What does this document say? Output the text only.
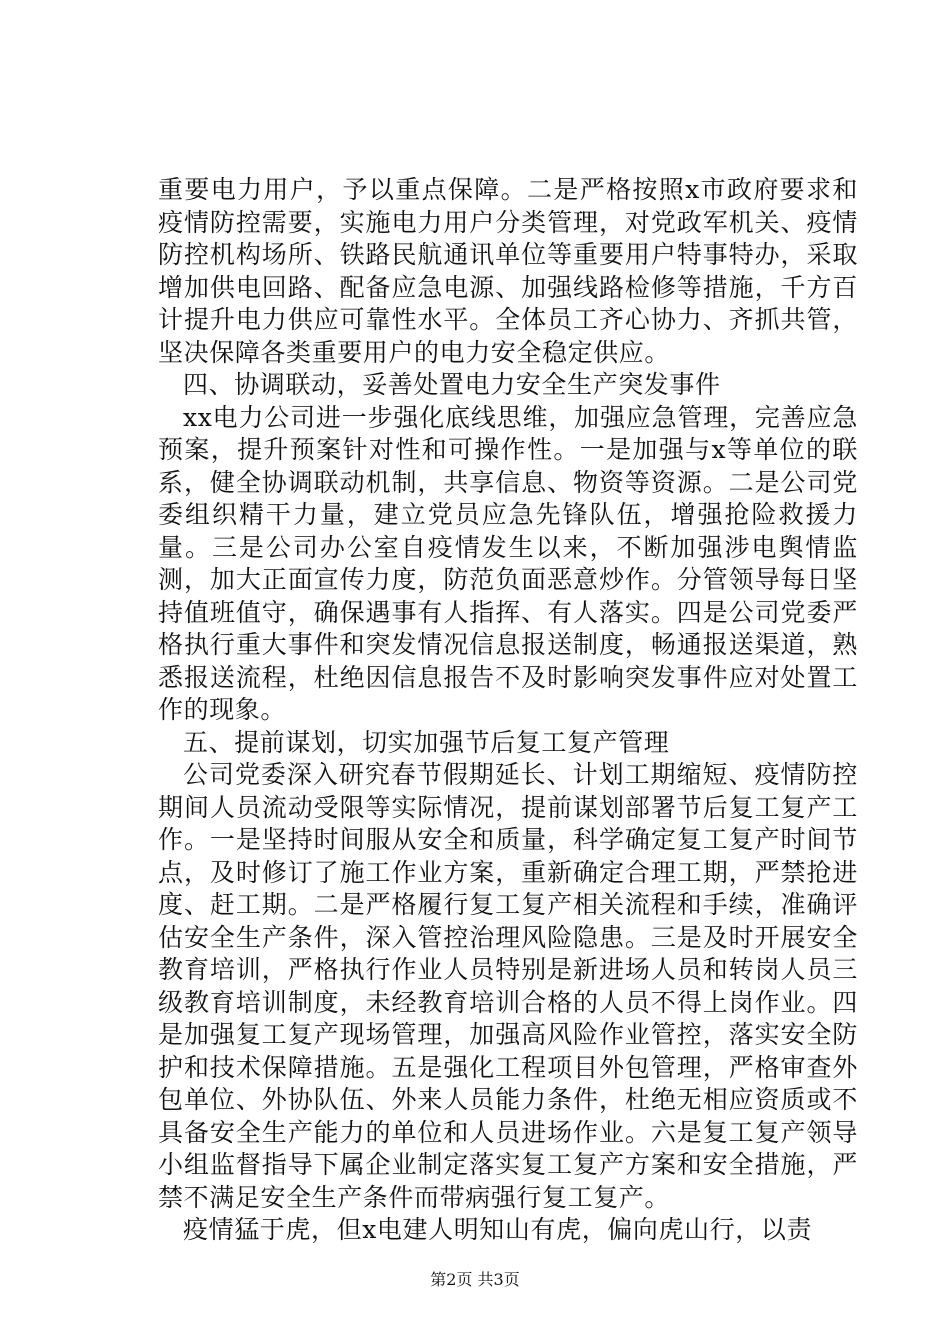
重要电力用户，予以重点保障。二是严格按照x市政府要求和疫情防控需要，实施电力用户分类管理，对党政军机关、疫情防控机构场所、铁路民航通讯单位等重要用户特事特办，采取增加供电回路、配备应急电源、加强线路检修等措施，千方百计提升电力供应可靠性水平。全体员工齐心协力、齐抓共管，坚决保障各类重要用户的电力安全稳定供应。

四、协调联动，妥善处置电力安全生产突发事件

xx电力公司进一步强化底线思维，加强应急管理，完善应急预案，提升预案针对性和可操作性。一是加强与x等单位的联系，健全协调联动机制，共享信息、物资等资源。二是公司党委组织精干力量，建立党员应急先锋队伍，增强抢险救援力量。三是公司办公室自疫情发生以来，不断加强涉电舆情监测，加大正面宣传力度，防范负面恶意炒作。分管领导每日坚持值班值守，确保遇事有人指挥、有人落实。四是公司党委严格执行重大事件和突发情况信息报送制度，畅通报送渠道，熟悉报送流程，杜绝因信息报告不及时影响突发事件应对处置工作的现象。

五、提前谋划，切实加强节后复工复产管理

公司党委深入研究春节假期延长、计划工期缩短、疫情防控期间人员流动受限等实际情况，提前谋划部署节后复工复产工作。一是坚持时间服从安全和质量，科学确定复工复产时间节点，及时修订了施工作业方案，重新确定合理工期，严禁抢进度、赶工期。二是严格履行复工复产相关流程和手续，准确评估安全生产条件，深入管控治理风险隐患。三是及时开展安全教育培训，严格执行作业人员特别是新进场人员和转岗人员三级教育培训制度，未经教育培训合格的人员不得上岗作业。四是加强复工复产现场管理，加强高风险作业管控，落实安全防护和技术保障措施。五是强化工程项目外包管理，严格审查外包单位、外协队伍、外来人员能力条件，杜绝无相应资质或不具备安全生产能力的单位和人员进场作业。六是复工复产领导小组监督指导下属企业制定落实复工复产方案和安全措施，严禁不满足安全生产条件而带病强行复工复产。

疫情猛于虎，但x电建人明知山有虎，偏向虎山行，以责

第2页 共3页
